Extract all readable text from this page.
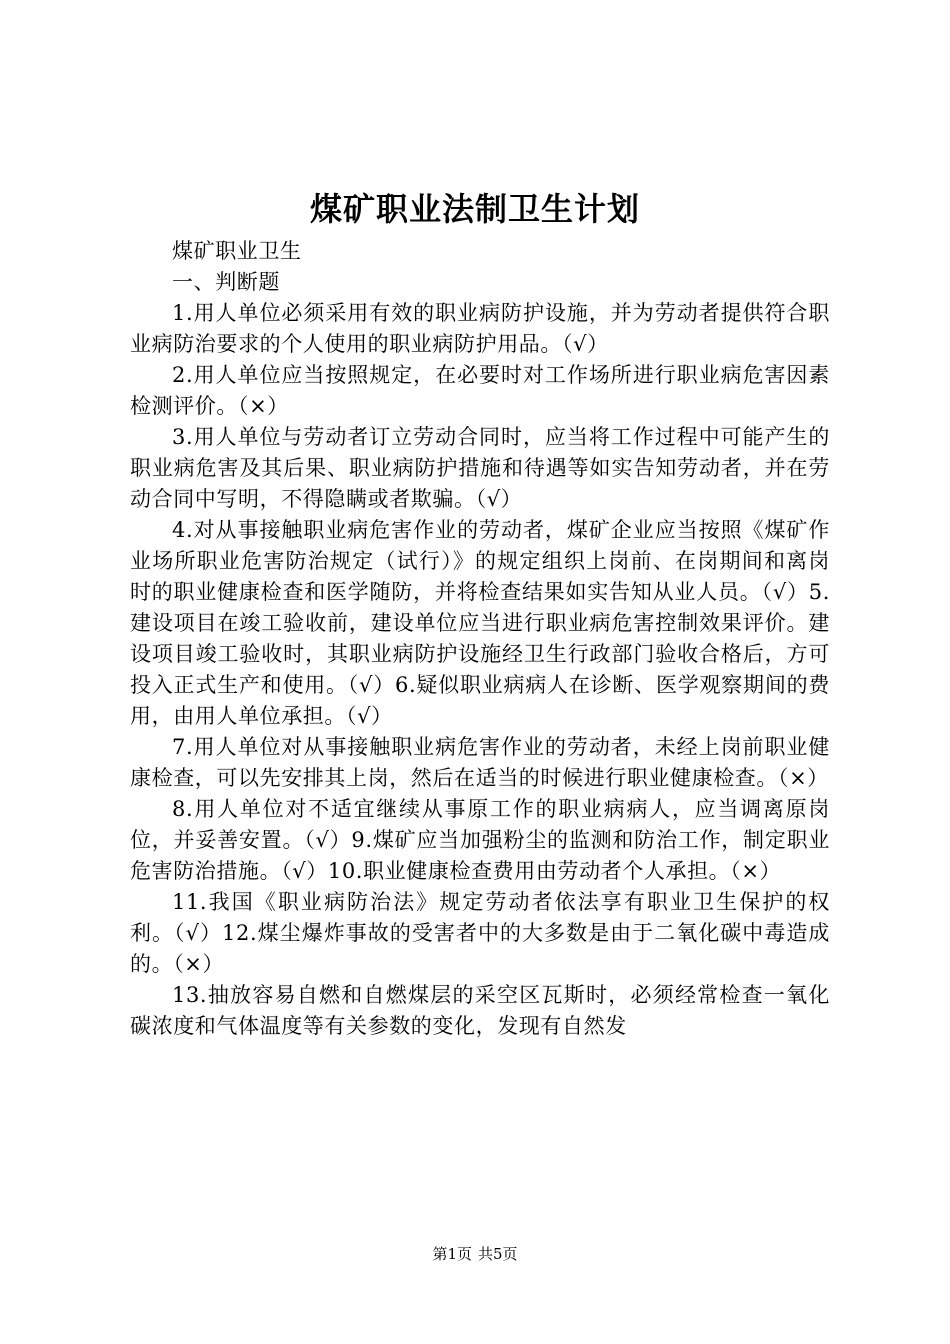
煤矿职业法制卫生计划

煤矿职业卫生

一、判断题

1.用人单位必须采用有效的职业病防护设施，并为劳动者提供符合职业病防治要求的个人使用的职业病防护用品。（√）

2.用人单位应当按照规定，在必要时对工作场所进行职业病危害因素检测评价。（×）

3.用人单位与劳动者订立劳动合同时，应当将工作过程中可能产生的职业病危害及其后果、职业病防护措施和待遇等如实告知劳动者，并在劳动合同中写明，不得隐瞒或者欺骗。（√）

4.对从事接触职业病危害作业的劳动者，煤矿企业应当按照《煤矿作业场所职业危害防治规定（试行）》的规定组织上岗前、在岗期间和离岗时的职业健康检查和医学随防，并将检查结果如实告知从业人员。（√）5.建设项目在竣工验收前，建设单位应当进行职业病危害控制效果评价。建设项目竣工验收时，其职业病防护设施经卫生行政部门验收合格后，方可投入正式生产和使用。（√）6.疑似职业病病人在诊断、医学观察期间的费用，由用人单位承担。（√）

7.用人单位对从事接触职业病危害作业的劳动者，未经上岗前职业健康检查，可以先安排其上岗，然后在适当的时候进行职业健康检查。（×）

8.用人单位对不适宜继续从事原工作的职业病病人，应当调离原岗位，并妥善安置。（√）9.煤矿应当加强粉尘的监测和防治工作，制定职业危害防治措施。（√）10.职业健康检查费用由劳动者个人承担。（×）

11.我国《职业病防治法》规定劳动者依法享有职业卫生保护的权利。（√）12.煤尘爆炸事故的受害者中的大多数是由于二氧化碳中毒造成的。（×）

13.抽放容易自燃和自燃煤层的采空区瓦斯时，必须经常检查一氧化碳浓度和气体温度等有关参数的变化，发现有自然发

第1页 共5页
